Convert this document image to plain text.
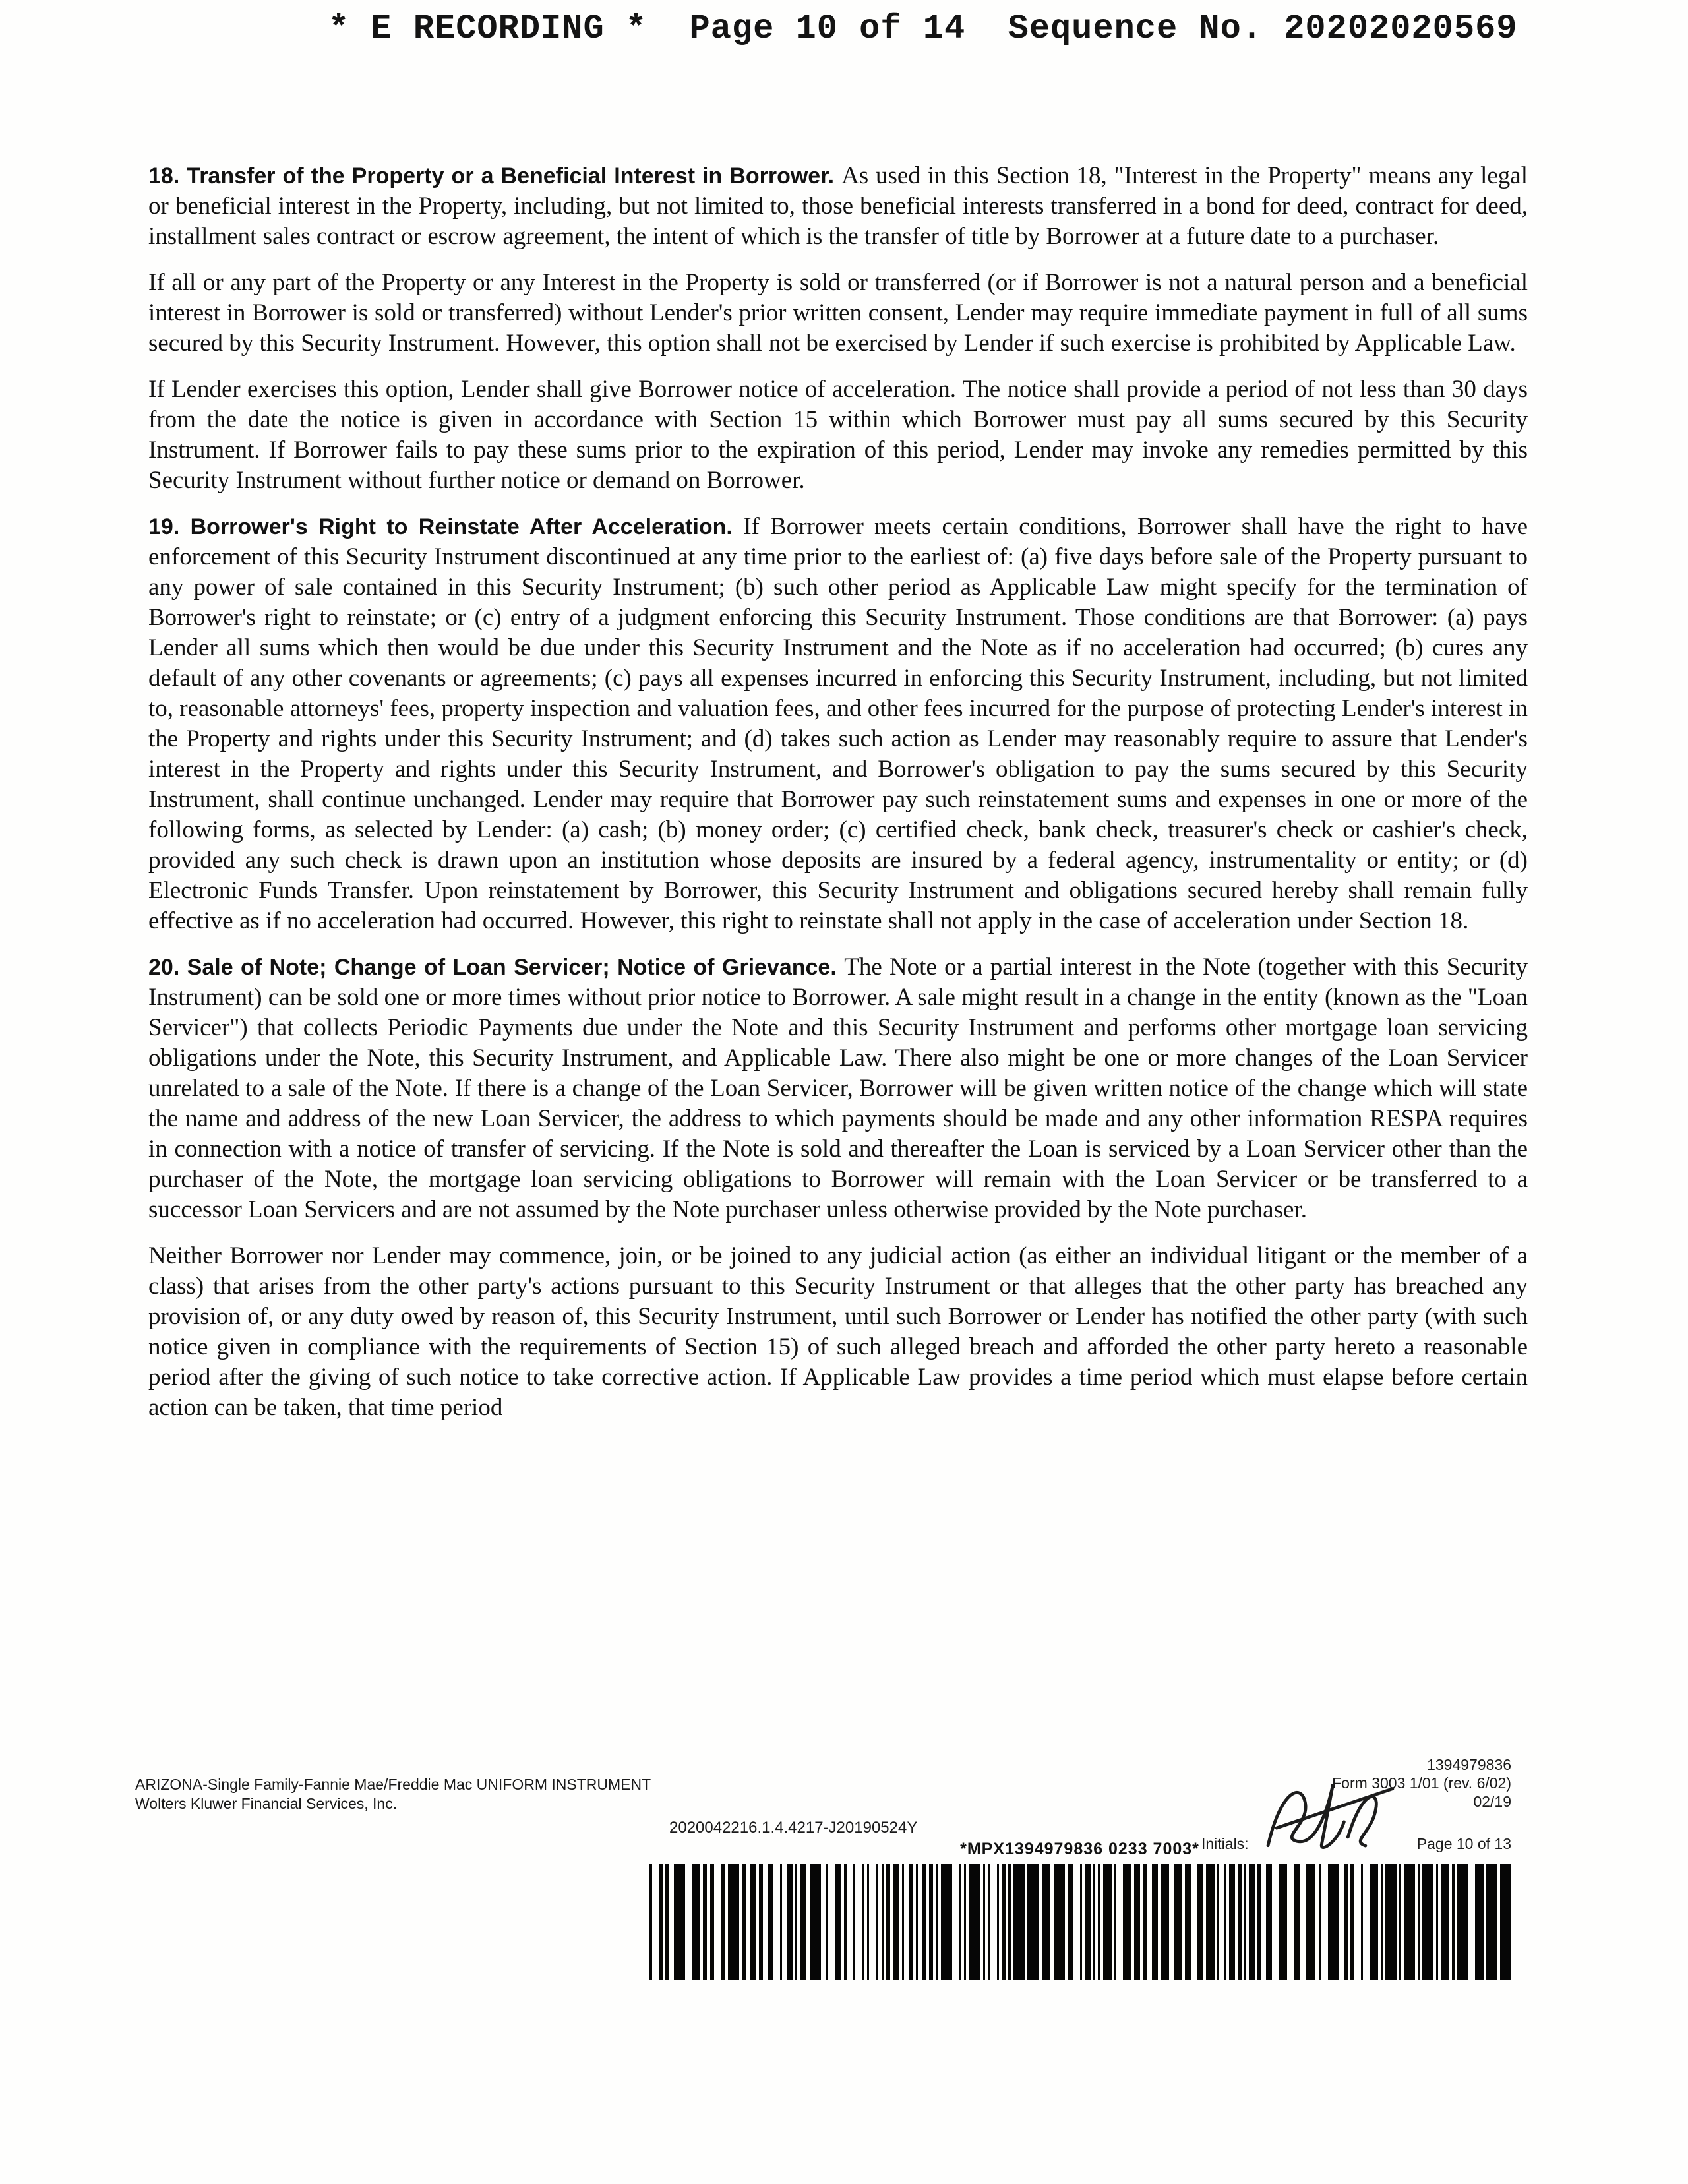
* E RECORDING *  Page 10 of 14  Sequence No. 20202020569

18. Transfer of the Property or a Beneficial Interest in Borrower. As used in this Section 18, "Interest in the Property" means any legal or beneficial interest in the Property, including, but not limited to, those beneficial interests transferred in a bond for deed, contract for deed, installment sales contract or escrow agreement, the intent of which is the transfer of title by Borrower at a future date to a purchaser.

If all or any part of the Property or any Interest in the Property is sold or transferred (or if Borrower is not a natural person and a beneficial interest in Borrower is sold or transferred) without Lender's prior written consent, Lender may require immediate payment in full of all sums secured by this Security Instrument. However, this option shall not be exercised by Lender if such exercise is prohibited by Applicable Law.

If Lender exercises this option, Lender shall give Borrower notice of acceleration. The notice shall provide a period of not less than 30 days from the date the notice is given in accordance with Section 15 within which Borrower must pay all sums secured by this Security Instrument. If Borrower fails to pay these sums prior to the expiration of this period, Lender may invoke any remedies permitted by this Security Instrument without further notice or demand on Borrower.

19. Borrower's Right to Reinstate After Acceleration. If Borrower meets certain conditions, Borrower shall have the right to have enforcement of this Security Instrument discontinued at any time prior to the earliest of: (a) five days before sale of the Property pursuant to any power of sale contained in this Security Instrument; (b) such other period as Applicable Law might specify for the termination of Borrower's right to reinstate; or (c) entry of a judgment enforcing this Security Instrument. Those conditions are that Borrower: (a) pays Lender all sums which then would be due under this Security Instrument and the Note as if no acceleration had occurred; (b) cures any default of any other covenants or agreements; (c) pays all expenses incurred in enforcing this Security Instrument, including, but not limited to, reasonable attorneys' fees, property inspection and valuation fees, and other fees incurred for the purpose of protecting Lender's interest in the Property and rights under this Security Instrument; and (d) takes such action as Lender may reasonably require to assure that Lender's interest in the Property and rights under this Security Instrument, and Borrower's obligation to pay the sums secured by this Security Instrument, shall continue unchanged. Lender may require that Borrower pay such reinstatement sums and expenses in one or more of the following forms, as selected by Lender: (a) cash; (b) money order; (c) certified check, bank check, treasurer's check or cashier's check, provided any such check is drawn upon an institution whose deposits are insured by a federal agency, instrumentality or entity; or (d) Electronic Funds Transfer. Upon reinstatement by Borrower, this Security Instrument and obligations secured hereby shall remain fully effective as if no acceleration had occurred. However, this right to reinstate shall not apply in the case of acceleration under Section 18.

20. Sale of Note; Change of Loan Servicer; Notice of Grievance. The Note or a partial interest in the Note (together with this Security Instrument) can be sold one or more times without prior notice to Borrower. A sale might result in a change in the entity (known as the "Loan Servicer") that collects Periodic Payments due under the Note and this Security Instrument and performs other mortgage loan servicing obligations under the Note, this Security Instrument, and Applicable Law. There also might be one or more changes of the Loan Servicer unrelated to a sale of the Note. If there is a change of the Loan Servicer, Borrower will be given written notice of the change which will state the name and address of the new Loan Servicer, the address to which payments should be made and any other information RESPA requires in connection with a notice of transfer of servicing. If the Note is sold and thereafter the Loan is serviced by a Loan Servicer other than the purchaser of the Note, the mortgage loan servicing obligations to Borrower will remain with the Loan Servicer or be transferred to a successor Loan Servicers and are not assumed by the Note purchaser unless otherwise provided by the Note purchaser.

Neither Borrower nor Lender may commence, join, or be joined to any judicial action (as either an individual litigant or the member of a class) that arises from the other party's actions pursuant to this Security Instrument or that alleges that the other party has breached any provision of, or any duty owed by reason of, this Security Instrument, until such Borrower or Lender has notified the other party (with such notice given in compliance with the requirements of Section 15) of such alleged breach and afforded the other party hereto a reasonable period after the giving of such notice to take corrective action. If Applicable Law provides a time period which must elapse before certain action can be taken, that time period

ARIZONA-Single Family-Fannie Mae/Freddie Mac UNIFORM INSTRUMENT
Wolters Kluwer Financial Services, Inc.
2020042216.1.4.4217-J20190524Y
1394979836
Form 3003 1/01 (rev. 6/02)
02/19
Initials:	Page 10 of 13
*MPX1394979836 0233 7003*
